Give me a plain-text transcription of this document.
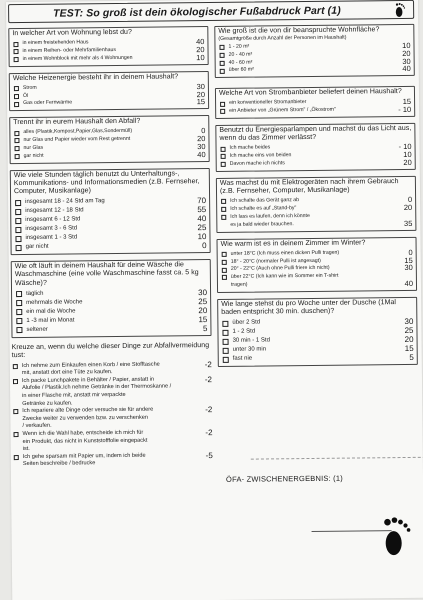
TEST: So groß ist dein ökologischer Fußabdruck Part (1)
In welcher Art von Wohnung lebst du?
in einem freistehenden Haus	40
in einem Reihen- oder Mehrfamilienhaus	20
in einem Wohnblock mit mehr als 4 Wohnungen	10
Welche Heizenergie besteht ihr in deinem Haushalt?
Strom	30
Öl	20
Gas oder Fernwärme	15
Trennt ihr in eurem Haushalt den Abfall?
alles (Plastik,Kompost,Papier,Glas,Sondermüll)	0
nur Glas und Papier wieder vom Rest getrennt	20
nur Glas	30
gar nicht	40
Wie viele Stunden täglich benutzt du Unterhaltungs-, Kommunikations- und Informationsmedien (z.B. Fernseher, Computer, Musikanlage)
insgesamt 18 - 24 Std am Tag	70
insgesamt 12 - 18 Std	55
insgesamt 6 - 12 Std	40
insgesamt 3 - 6 Std	25
insgesamt 1 - 3 Std	10
gar nicht	0
Wie oft läuft in deinem Haushalt für deine Wäsche die Waschmaschine (eine volle Waschmaschine fasst ca. 5 kg Wäsche)?
täglich	30
mehrmals die Woche	25
ein mal die Woche	20
1 -3 mal im Monat	15
seltener	5
Kreuze an, wenn du welche dieser Dinge zur Abfallvermeidung tust:
Ich nehme zum Einkaufen einen Korb / eine Stofftasche
mit, anstatt dort eine Tüte zu kaufen.
-2
Ich packe Lunchpakete in Behälter / Papier, anstatt in
Alufolie / Plastik.Ich nehme Getränke in der Thermoskanne /
in einer Flasche mit, anstatt mir verpackte
Getränke zu kaufen.
-2
Ich repariere alte Dinge oder versuche sie für andere
Zwecke weiter zu verwenden bzw. zu verschenken
/ verkaufen.
-2
Wenn ich die Wahl habe, entscheide ich mich für
ein Produkt, das nicht in Kunststofffolie eingepackt
ist.
-2
Ich gehe sparsam mit Papier um, indem ich beide
Seiten beschreibe / bedrucke
-5
Wie groß ist die von dir beanspruchte Wohnfläche?
(Gesamtgröße durch Anzahl der Personen im Haushalt)
1 - 20 m²	10
20 - 40 m²	20
40 - 60 m²	30
über 60 m²	40
Welche Art von Strombanbieter beliefert deinen Haushalt?
ein konventioneller Stromanbieter	15
ein Anbieter von „Grünem Strom" / „Ökostrom"	- 10
Benutzt du Energiesparlampen und machst du das Licht aus, wenn du das Zimmer verlässt?
Ich mache beides	- 10
Ich mache eins von beiden	10
Davon mache ich nichts	20
Was machst du mit Elektrogeräten nach ihrem Gebrauch (z.B. Fernseher, Computer, Musikanlage)
Ich schalte das Gerät ganz ab	0
Ich schalte es auf „Stand-by"	20
Ich lass es laufen, denn ich könnte
es ja bald wieder brauchen.	35
Wie warm ist es in deinem Zimmer im Winter?
unter 18°C (Ich muss einen dicken Pulli tragen)	0
18° - 20°C (normaler Pulli ist angesagt)	15
20° - 22°C (Auch ohne Pulli friere ich nicht)	30
über 22°C (Ich kann wie im Sommer ein T-shirt
tragen)	40
Wie lange stehst du pro Woche unter der Dusche (1Mal baden entspricht 30 min. duschen)?
über 2 Std	30
1 - 2 Std	25
30 min - 1 Std	20
unter 30 min	15
fast nie	5
ÖFA- ZWISCHENERGEBNIS: (1)
